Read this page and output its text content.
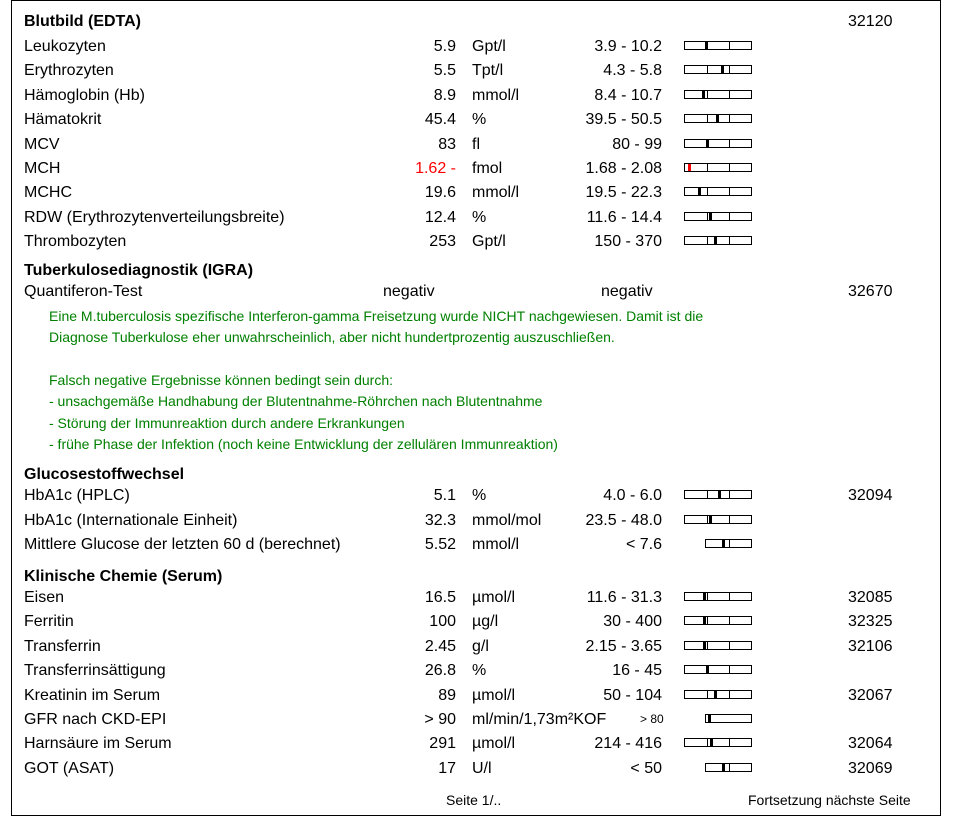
Blutbild (EDTA)	32120
Leukozyten	5.9 Gpt/l	3.9 - 10.2
Erythrozyten	5.5 Tpt/l	4.3 - 5.8
Hämoglobin (Hb)	8.9 mmol/l	8.4 - 10.7
Hämatokrit	45.4 %	39.5 - 50.5
MCV	83 fl	80 - 99
MCH	1.62 - fmol	1.68 - 2.08
MCHC	19.6 mmol/l	19.5 - 22.3
RDW (Erythrozytenverteilungsbreite)	12.4 %	11.6 - 14.4
Thrombozyten	253 Gpt/l	150 - 370
Tuberkulosediagnostik (IGRA)
Quantiferon-Test	negativ	negativ	32670
Eine M.tuberculosis spezifische Interferon-gamma Freisetzung wurde NICHT nachgewiesen. Damit ist die
Diagnose Tuberkulose eher unwahrscheinlich, aber nicht hundertprozentig auszuschließen.
Falsch negative Ergebnisse können bedingt sein durch:
- unsachgemäße Handhabung der Blutentnahme-Röhrchen nach Blutentnahme
- Störung der Immunreaktion durch andere Erkrankungen
- frühe Phase der Infektion (noch keine Entwicklung der zellulären Immunreaktion)
Glucosestoffwechsel
HbA1c (HPLC)	5.1 %	4.0 - 6.0	32094
HbA1c (Internationale Einheit)	32.3 mmol/mol	23.5 - 48.0
Mittlere Glucose der letzten 60 d (berechnet)	5.52 mmol/l	< 7.6
Klinische Chemie (Serum)
Eisen	16.5 µmol/l	11.6 - 31.3	32085
Ferritin	100 µg/l	30 - 400	32325
Transferrin	2.45 g/l	2.15 - 3.65	32106
Transferrinsättigung	26.8 %	16 - 45
Kreatinin im Serum	89 µmol/l	50 - 104	32067
GFR nach CKD-EPI	> 90 ml/min/1,73m²KOF	> 80
Harnsäure im Serum	291 µmol/l	214 - 416	32064
GOT (ASAT)	17 U/l	< 50	32069
Seite 1/..	Fortsetzung nächste Seite
